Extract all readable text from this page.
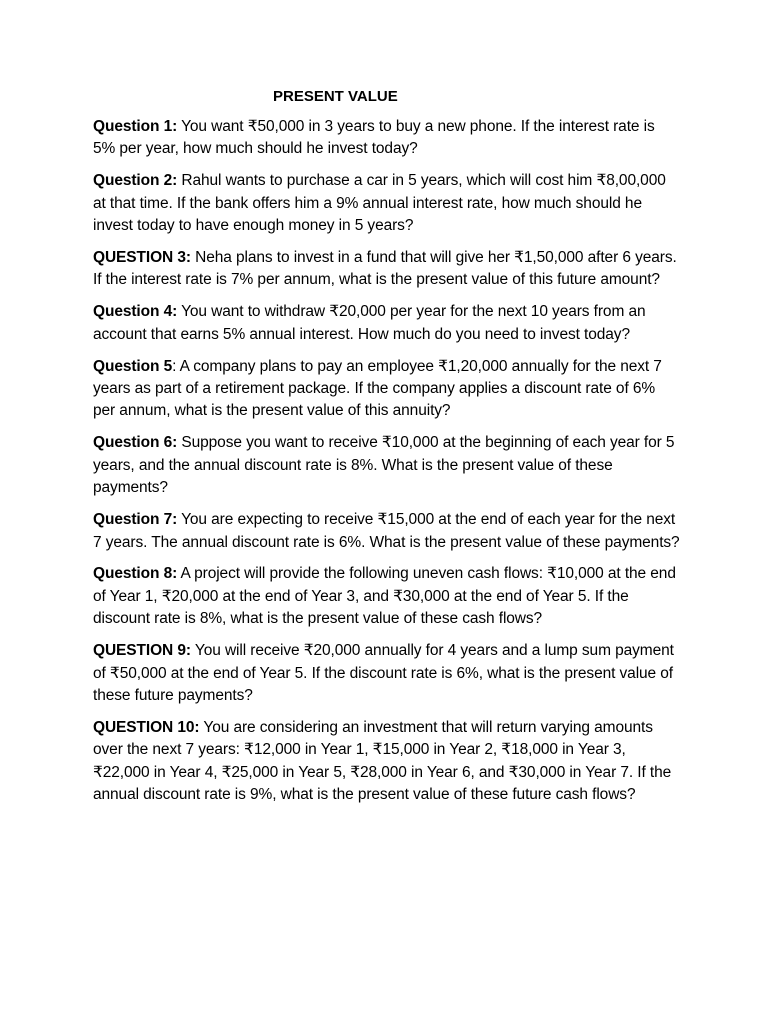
PRESENT VALUE

Question 1: You want ₹50,000 in 3 years to buy a new phone. If the interest rate is 5% per year, how much should he invest today?

Question 2: Rahul wants to purchase a car in 5 years, which will cost him ₹8,00,000 at that time. If the bank offers him a 9% annual interest rate, how much should he invest today to have enough money in 5 years?

QUESTION 3: Neha plans to invest in a fund that will give her ₹1,50,000 after 6 years. If the interest rate is 7% per annum, what is the present value of this future amount?

Question 4: You want to withdraw ₹20,000 per year for the next 10 years from an account that earns 5% annual interest. How much do you need to invest today?

Question 5: A company plans to pay an employee ₹1,20,000 annually for the next 7 years as part of a retirement package. If the company applies a discount rate of 6% per annum, what is the present value of this annuity?

Question 6: Suppose you want to receive ₹10,000 at the beginning of each year for 5 years, and the annual discount rate is 8%. What is the present value of these payments?

Question 7: You are expecting to receive ₹15,000 at the end of each year for the next 7 years. The annual discount rate is 6%. What is the present value of these payments?

Question 8: A project will provide the following uneven cash flows: ₹10,000 at the end of Year 1, ₹20,000 at the end of Year 3, and ₹30,000 at the end of Year 5. If the discount rate is 8%, what is the present value of these cash flows?

QUESTION 9: You will receive ₹20,000 annually for 4 years and a lump sum payment of ₹50,000 at the end of Year 5. If the discount rate is 6%, what is the present value of these future payments?

QUESTION 10: You are considering an investment that will return varying amounts over the next 7 years: ₹12,000 in Year 1, ₹15,000 in Year 2, ₹18,000 in Year 3, ₹22,000 in Year 4, ₹25,000 in Year 5, ₹28,000 in Year 6, and ₹30,000 in Year 7. If the annual discount rate is 9%, what is the present value of these future cash flows?
